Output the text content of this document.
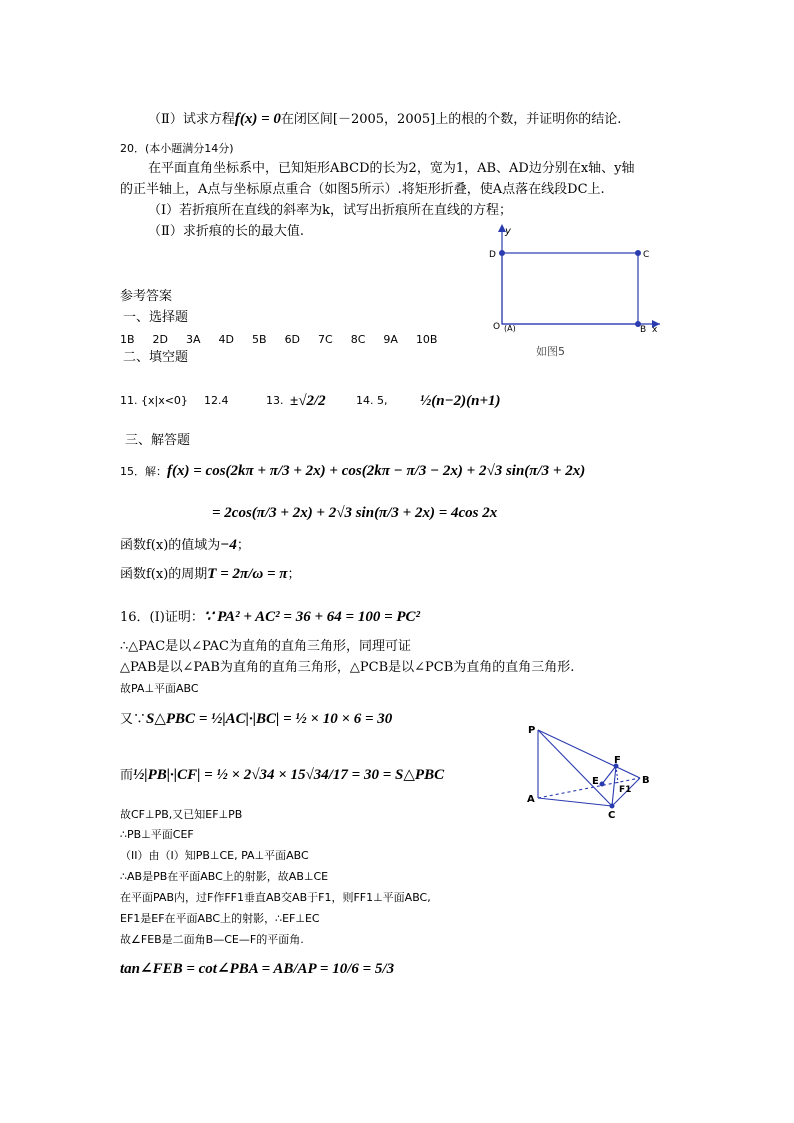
（Ⅱ）试求方程f(x) = 0在闭区间[－2005，2005]上的根的个数，并证明你的结论.
20．(本小题满分14分)
在平面直角坐标系中，已知矩形ABCD的长为2，宽为1，AB、AD边分别在x轴、y轴
的正半轴上，A点与坐标原点重合（如图5所示）.将矩形折叠，使A点落在线段DC上.
（Ⅰ）若折痕所在直线的斜率为k，试写出折痕所在直线的方程；
（Ⅱ）求折痕的长的最大值.	y
D	C
O (A)	B x
如图5
参考答案
一、选择题
1B 2D 3A 4D 5B 6D 7C 8C 9A 10B
二、填空题
11. {x|x<0} 12.4	13. ±√2/2	14. 5, ½(n−2)(n+1)
三、解答题
15．解：f(x) = cos(2kπ + π/3 + 2x) + cos(2kπ − π/3 − 2x) + 2√3 sin(π/3 + 2x)
= 2cos(π/3 + 2x) + 2√3 sin(π/3 + 2x) = 4cos 2x
函数f(x)的值域为−4；
函数f(x)的周期T = 2π/ω = π；
16．(I)证明：∵ PA² + AC² = 36 + 64 = 100 = PC²
∴△PAC是以∠PAC为直角的直角三角形，同理可证
△PAB是以∠PAB为直角的直角三角形，△PCB是以∠PCB为直角的直角三角形.
故PA⊥平面ABC
又∵S△PBC = ½|AC|·|BC| = ½ × 10 × 6 = 30
而½|PB|·|CF| = ½ × 2√34 × 15√34/17 = 30 = S△PBC
故CF⊥PB,又已知EF⊥PB
∴PB⊥平面CEF
（II）由（I）知PB⊥CE, PA⊥平面ABC
∴AB是PB在平面ABC上的射影，故AB⊥CE
在平面PAB内，过F作FF1垂直AB交AB于F1，则FF1⊥平面ABC,
EF1是EF在平面ABC上的射影，∴EF⊥EC
故∠FEB是二面角B—CE—F的平面角.
tan∠FEB = cot∠PBA = AB/AP = 10/6 = 5/3
P
A
B
C
E
F
F1
